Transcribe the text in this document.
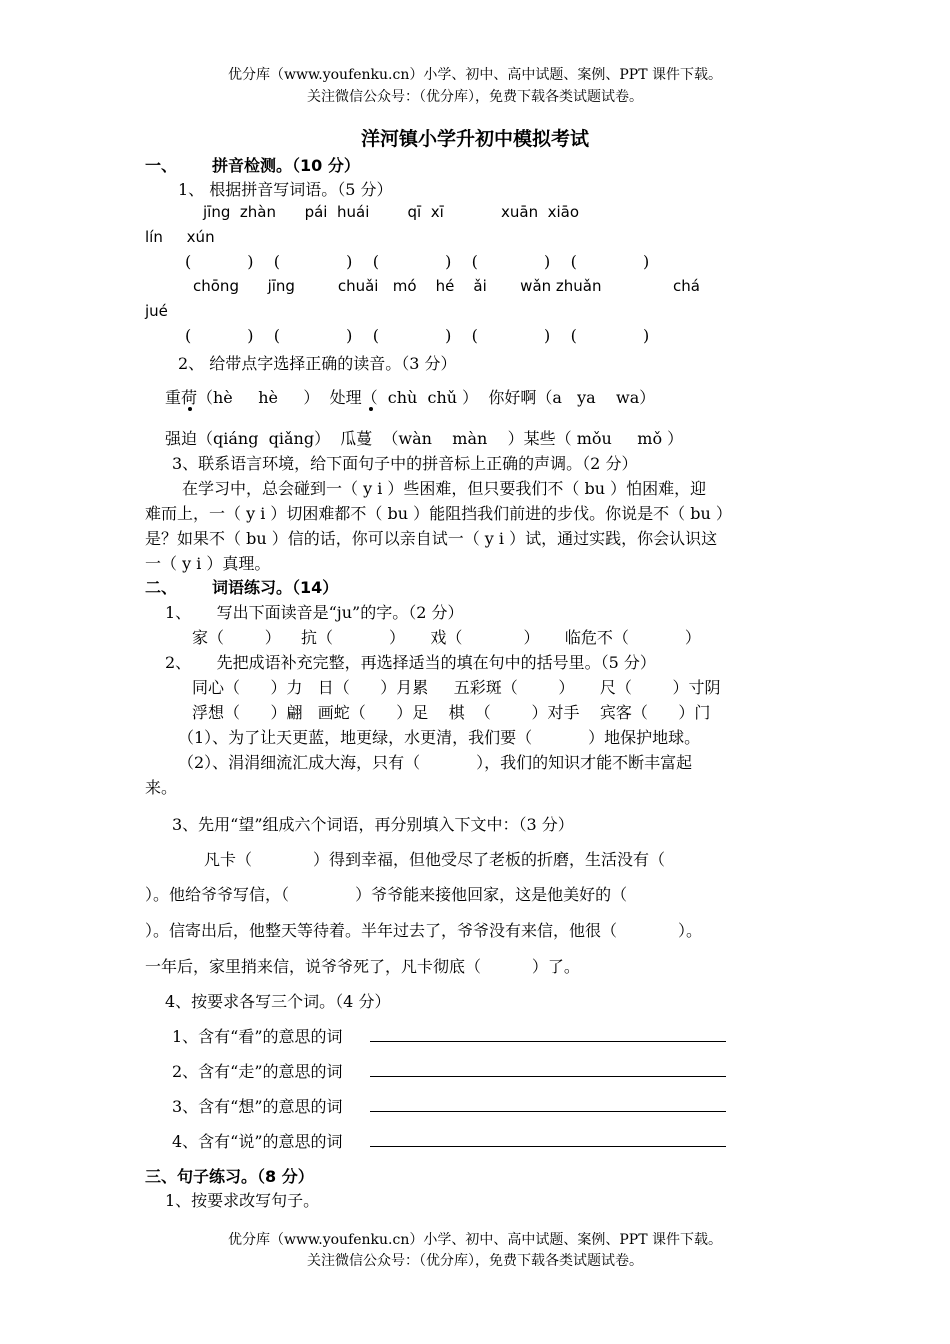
优分库（www.youfenku.cn）小学、初中、高中试题、案例、PPT 课件下载。
关注微信公众号：（优分库），免费下载各类试题试卷。
洋河镇小学升初中模拟考试
一、 拼音检测。（10 分）
1、 根据拼音写词语。（5 分）
jīng  zhàn      pái  huái        qī  xī            xuān  xiāo
lín     xún
(           )    (             )    (             )    (             )    (             )
chōng      jīng         chuǎi   mó    hé    ǎi       wǎn zhuǎn               chá
jué
(           )    (             )    (             )    (             )    (             )
2、 给带点字选择正确的读音。（3 分）
重荷（hè     hè     ）  处理（  chù  chǔ ）  你好啊（a   ya    wa）
强迫（qiáng  qiǎng）  瓜蔓  （wàn    màn    ）某些（ mǒu     mǒ ）
3、联系语言环境，给下面句子中的拼音标上正确的声调。（2 分）
在学习中，总会碰到一（ y i ）些困难，但只要我们不（ bu ）怕困难，迎
难而上，一（ y i ）切困难都不（ bu ）能阻挡我们前进的步伐。你说是不（ bu ）
是？如果不（ bu ）信的话，你可以亲自试一（ y i ）试，通过实践，你会认识这
一（ y i ）真理。
二、 词语练习。（14）
1、     写出下面读音是“ju”的字。（2 分）
家（        ）    抗（           ）     戏（            ）     临危不（           ）
2、     先把成语补充完整，再选择适当的填在句中的括号里。（5 分）
同心（      ）力   日（      ）月累     五彩斑（        ）     尺（        ）寸阴
浮想（      ）翩   画蛇（      ）足    棋  （        ）对手    宾客（      ）门
（1）、为了让天更蓝，地更绿，水更清，我们要（           ）地保护地球。
（2）、涓涓细流汇成大海，只有（           ），我们的知识才能不断丰富起
来。
3、先用“望”组成六个词语，再分别填入下文中：（3 分）
凡卡（            ）得到幸福，但他受尽了老板的折磨，生活没有（
）。他给爷爷写信，（             ）爷爷能来接他回家，这是他美好的（
）。信寄出后，他整天等待着。半年过去了，爷爷没有来信，他很（            ）。
一年后，家里捎来信，说爷爷死了，凡卡彻底（          ）了。
4、按要求各写三个词。（4 分）
1、含有“看”的意思的词
2、含有“走”的意思的词
3、含有“想”的意思的词
4、含有“说”的意思的词
三、句子练习。（8 分）
1、按要求改写句子。
优分库（www.youfenku.cn）小学、初中、高中试题、案例、PPT 课件下载。
关注微信公众号：（优分库），免费下载各类试题试卷。
